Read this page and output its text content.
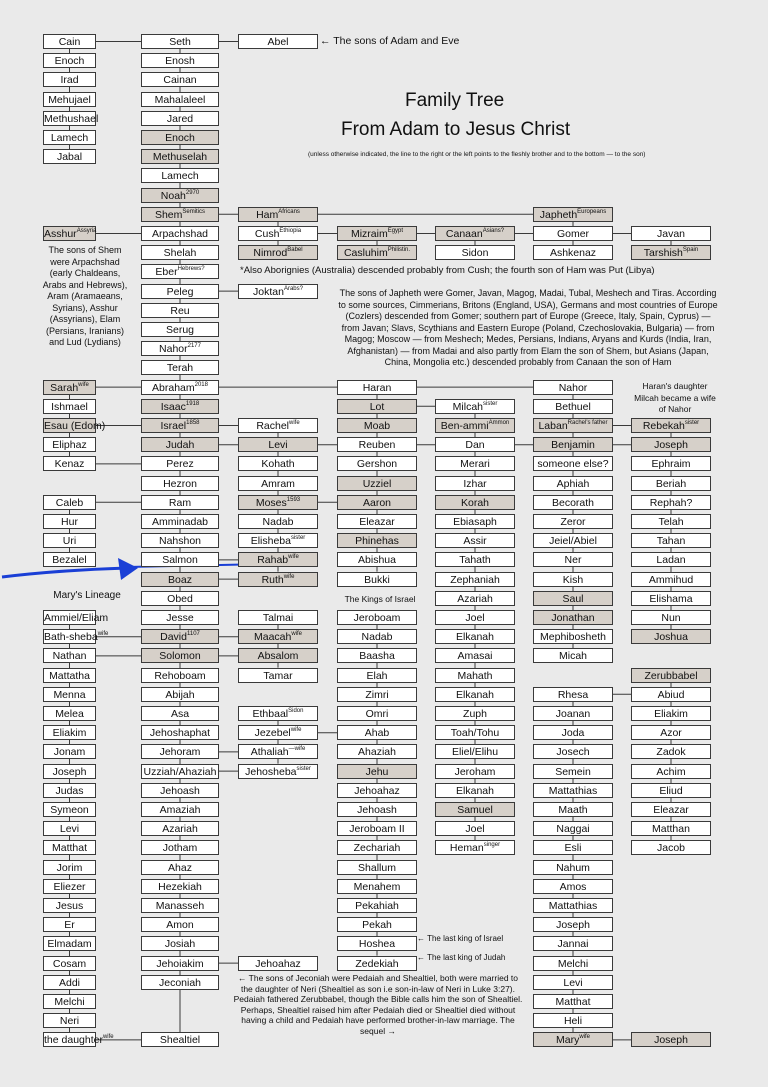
Family Tree
From Adam to Jesus Christ
(unless otherwise indicated, the line to the right or the left points to the fleshly brother and to the bottom — to the son)
← The sons of Adam and Eve
The sons of Shem were Arpachshad (early Chaldeans, Arabs and Hebrews), Aram (Aramaeans, Syrians), Asshur (Assyrians), Elam (Persians, Iranians) and Lud (Lydians)
*Also Aborignies (Australia) descended probably from Cush; the fourth son of Ham was Put (Libya)
The sons of Japheth were Gomer, Javan, Magog, Madai, Tubal, Meshech and Tiras. According to some sources, Cimmerians, Britons (England, USA), Germans and most countries of Europe (Cozlers) descended from Gomer; southern part of Europe (Greece, Italy, Spain, Cyprus) — from Javan; Slavs, Scythians and Eastern Europe (Poland, Czechoslovakia, Bulgaria) — from Magog; Moscow — from Meshech; Medes, Persians, Indians, Aryans and Kurds (India, Iran, Afghanistan) — from Madai and also partly from Elam the son of Shem, but Asians (Japan, China, Mongolia etc.) descended probably from Canaan the son of Ham
Haran's daughter Milcah became a wife of Nahor
Mary's Lineage	The Kings of Israel
← The last king of Israel
← The last king of Judah
← The sons of Jeconiah were Pedaiah and Shealtiel, both were married to the daughter of Neri (Shealtiel as son i.e son-in-law of Neri in Luke 3:27). Pedaiah fathered Zerubbabel, though the Bible calls him the son of Shealtiel. Perhaps, Shealtiel raised him after Pedaiah died or Shealtiel died without having a child and Pedaiah have performed brother-in-law marriage. The sequel →
Cain
Enoch
Irad
Mehujael
Methushael
Lamech
Jabal
Seth
Enosh
Cainan
Mahalaleel
Jared
Enoch
Methuselah
Lamech
Noah$^{2970}$
Shem$^{Semitics}$
Arpachshad
Shelah
Eber$^{Hebrews?}$
Peleg
Reu
Serug
Nahor$^{2177}$
Terah
Abraham$^{2018}$
Isaac$^{1918}$
Israel$^{1858}$
Judah
Perez
Hezron
Ram
Amminadab
Nahshon
Salmon
Boaz
Obed
Jesse
David$^{1107}$
Solomon
Rehoboam
Abijah
Asa
Jehoshaphat
Jehoram
Uzziah/Ahaziah
Jehoash
Amaziah
Azariah
Jotham
Ahaz
Hezekiah
Manasseh
Amon
Josiah
Jehoiakim
Jeconiah
Shealtiel
Abel
Asshur$^{Assyria}$
Ham$^{Africans}$
Cush$^{Ethiopia}$
Nimrod$^{Babel}$
Joktan$^{Arabs?}$
Mizraim$^{Egypt}$
Casluhim$^{Philistin.}$
Canaan$^{Asians?}$
Sidon
Japheth$^{Europeans}$
Gomer
Ashkenaz
Javan
Tarshish$^{Spain}$
Sarah$^{wife}$
Ishmael
Esau (Edom)
Eliphaz
Kenaz
Caleb
Hur
Uri
Bezalel
Rachel$^{wife}$
Levi
Kohath
Amram
Moses$^{1593}$
Nadab
Elisheba$^{sister}$
Rahab$^{wife}$
Ruth$^{wife}$
Haran
Lot
Moab
Reuben
Gershon
Uzziel
Aaron
Eleazar
Phinehas
Abishua
Bukki
Milcah$^{sister}$
Ben-ammi$^{Ammon}$
Dan
Merari
Izhar
Korah
Ebiasaph
Assir
Tahath
Zephaniah
Azariah
Joel
Elkanah
Amasai
Mahath
Elkanah
Zuph
Toah/Tohu
Eliel/Elihu
Jeroham
Elkanah
Samuel
Joel
Heman$^{singer}$
Nahor
Bethuel
Laban$^{Rachel's father}$
Benjamin
someone else?
Aphiah
Becorath
Zeror
Jeiel/Abiel
Ner
Kish
Saul
Jonathan
Mephibosheth
Micah
Rebekah$^{sister}$
Joseph
Ephraim
Beriah
Rephah?
Telah
Tahan
Ladan
Ammihud
Elishama
Nun
Joshua
Ammiel/Eliam
Bath-sheba$^{wife}$
Nathan
Mattatha
Menna
Melea
Eliakim
Jonam
Joseph
Judas
Symeon
Levi
Matthat
Jorim
Eliezer
Jesus
Er
Elmadam
Cosam
Addi
Melchi
Neri
the daughter$^{wife}$
Talmai
Maacah$^{wife}$
Absalom
Tamar
Ethbaal$^{Sidon}$
Jezebel$^{wife}$
Athaliah$^{—wife}$
Jehosheba$^{sister}$
Jehoahaz
Jeroboam
Nadab
Baasha
Elah
Zimri
Omri
Ahab
Ahaziah
Jehu
Jehoahaz
Jehoash
Jeroboam II
Zechariah
Shallum
Menahem
Pekahiah
Pekah
Hoshea
Zedekiah
Rhesa
Joanan
Joda
Josech
Semein
Mattathias
Maath
Naggai
Esli
Nahum
Amos
Mattathias
Joseph
Jannai
Melchi
Levi
Matthat
Heli
Mary$^{wife}$
Zerubbabel
Abiud
Eliakim
Azor
Zadok
Achim
Eliud
Eleazar
Matthan
Jacob
Joseph
